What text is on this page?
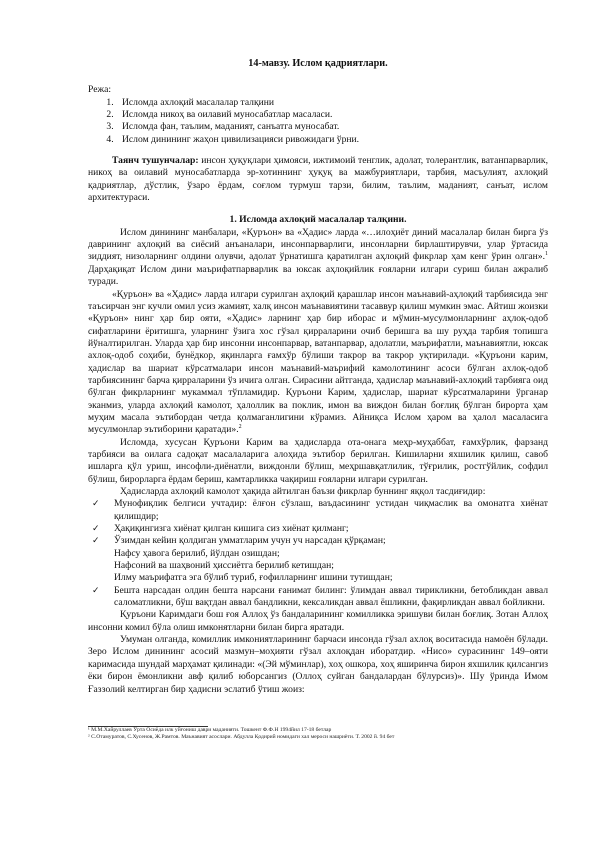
14-мавзу. Ислом қадриятлари.
Режа:
1. Исломда ахлоқий масалалар талқини
2. Исломда никоҳ ва оилавий муносабатлар масаласи.
3. Исломда фан, таълим, маданият, санъатга муносабат.
4. Ислом динининг жаҳон цивилизацияси ривожидаги ўрни.

Таянч тушунчалар: инсон ҳуқуқлари ҳимояси, ижтимоий тенглик, адолат, толерантлик, ватанпарварлик, никоҳ ва оилавий муносабатларда эр-хотиннинг ҳуқуқ ва мажбуриятлари, тарбия, масъулият, ахлоқий қадриятлар, дўстлик, ўзаро ёрдам, соғлом турмуш тарзи, билим, таълим, маданият, санъат, ислом архитектураси.

1. Исломда ахлоқий масалалар талқини.

Ислом динининг манбалари, «Қуръон» ва «Ҳадис» ларда «…илоҳиёт диний масалалар билан бирга ўз даврининг аҳлоқий ва сиёсий анъаналари, инсонпарварлиги, инсонларни бирлаштирувчи, улар ўртасида зиддият, низоларнинг олдини олувчи, адолат ўрнатишга қаратилган аҳлоқий фикрлар ҳам кенг ўрин олган».$^1$ Дарҳақиқат Ислом дини маърифатпарварлик ва юксак аҳлоқийлик ғояларни илгари суриш билан ажралиб туради.

«Қуръон» ва «Ҳадис» ларда илгари сурилган аҳлоқий қарашлар инсон маънавий-аҳлоқий тарбиясида энг таъсирчан энг кучли омил усиз жамият, халқ инсон маънавиятини тасаввур қилиш мумкин эмас. Айтиш жоизки «Қуръон» нинг ҳар бир ояти, «Ҳадис» ларнинг ҳар бир иборас и мўмин-мусулмонларнинг аҳлоқ-одоб сифатларини ёритишга, уларнинг ўзига хос гўзал қирраларини очиб беришга ва шу руҳда тарбия топишга йўналтирилган. Уларда ҳар бир инсонни инсонпарвар, ватанпарвар, адолатли, маърифатли, маънавиятли, юксак ахлоқ-одоб соҳиби, бунёдкор, яқинларга ғамхўр бўлиши такрор ва такрор уқтирилади. «Қуръони карим, ҳадислар ва шариат кўрсатмалари инсон маънавий-маърифий камолотининг асоси бўлган ахлоқ-одоб тарбиясининг барча қирраларини ўз ичига олган. Сирасини айтганда, ҳадислар маънавий-ахлоқий тарбияга оид бўлган фикрларнинг мукаммал тўпламидир. Қуръони Карим, ҳадислар, шариат кўрсатмаларини ўрганар эканмиз, уларда ахлоқий камолот, ҳалоллик ва поклик, имон ва виждон билан боғлиқ бўлган бирорта ҳам муҳим масала эътибордан четда қолмаганлигини кўрамиз. Айниқса Ислом ҳаром ва ҳалол масаласига мусулмонлар эътиборини қаратади».$^2$

Исломда, хусусан Қуръони Карим ва ҳадисларда ота-онага меҳр-муҳаббат, ғамхўрлик, фарзанд тарбияси ва оилага садоқат масалаларига алоҳида эътибор берилган. Кишиларни яхшилик қилиш, савоб ишларга қўл уриш, инсофли-диёнатли, виждонли бўлиш, меҳршавқатлилик, тўғрилик, ростгўйлик, софдил бўлиш, бирорларга ёрдам бериш, камтарликка чақириш ғояларни илгари сурилган.

Ҳадисларда ахлоқий камолот ҳақида айтилган баъзи фикрлар буннинг яққол тасдиғидир:

✓ Мунофиқлик белгиси учтадир: ёлғон сўзлаш, ваъдасининг устидан чиқмаслик ва омонатга хиёнат қилишдир;
✓ Ҳақиқингизга хиёнат қилган кишига сиз хиёнат қилманг;
✓ Ўзимдан кейин қолдиган умматларим учун уч нарсадан қўрқаман;
Нафсу ҳавога берилиб, йўлдан озишдан;
Нафсоний ва шаҳвоний ҳиссиётга берилиб кетишдан;
Илму маърифатга эга бўлиб туриб, ғофилларнинг ишини тутишдан;
✓ Бешта нарсадан олдин бешта нарсани ғанимат билинг: ўлимдан аввал тирикликни, бетобликдан аввал саломатликни, бўш вақтдан аввал бандликни, кексаликдан аввал ёшликни, фақирликдан аввал бойликни.

Қуръони Каримдаги бош ғоя Аллоҳ ўз бандаларининг комилликка эришуви билан боғлиқ. Зотан Аллоҳ инсонни комил бўла олиш имконятларни билан бирга яратади.

Умуман олганда, комиллик имкониятларининг барчаси инсонда гўзал ахлоқ воситасида намоён бўлади. Зеро Ислом динининг асосий мазмун–моҳияти гўзал ахлоқдан иборатдир. «Нисо» сурасининг 149–ояти каримасида шундай марҳамат қилинади: «(Эй мўминлар), хоҳ ошкора, хоҳ яширинча бирон яхшилик қилсангиз ёки бирон ёмонликни авф қилиб юборсангиз (Оллоҳ суйган бандалардан бўлурсиз)». Шу ўринда Имом Ғаззолий келтирган бир ҳадисни эслатиб ўтиш жоиз:

¹ М.М.Хайруллаев Ўрта Осиёда илк уйғониш даври маданияти. Тошкент Ф.Ф.Н 1994йил 17-18 бетлар
² С.Отамуратов, С.Хусенов, Ж.Рамтов. Маънавият асослари. Абдулла Қодирий номидаги хал мероси нашриёти. Т. 2002 й. 94 бет
